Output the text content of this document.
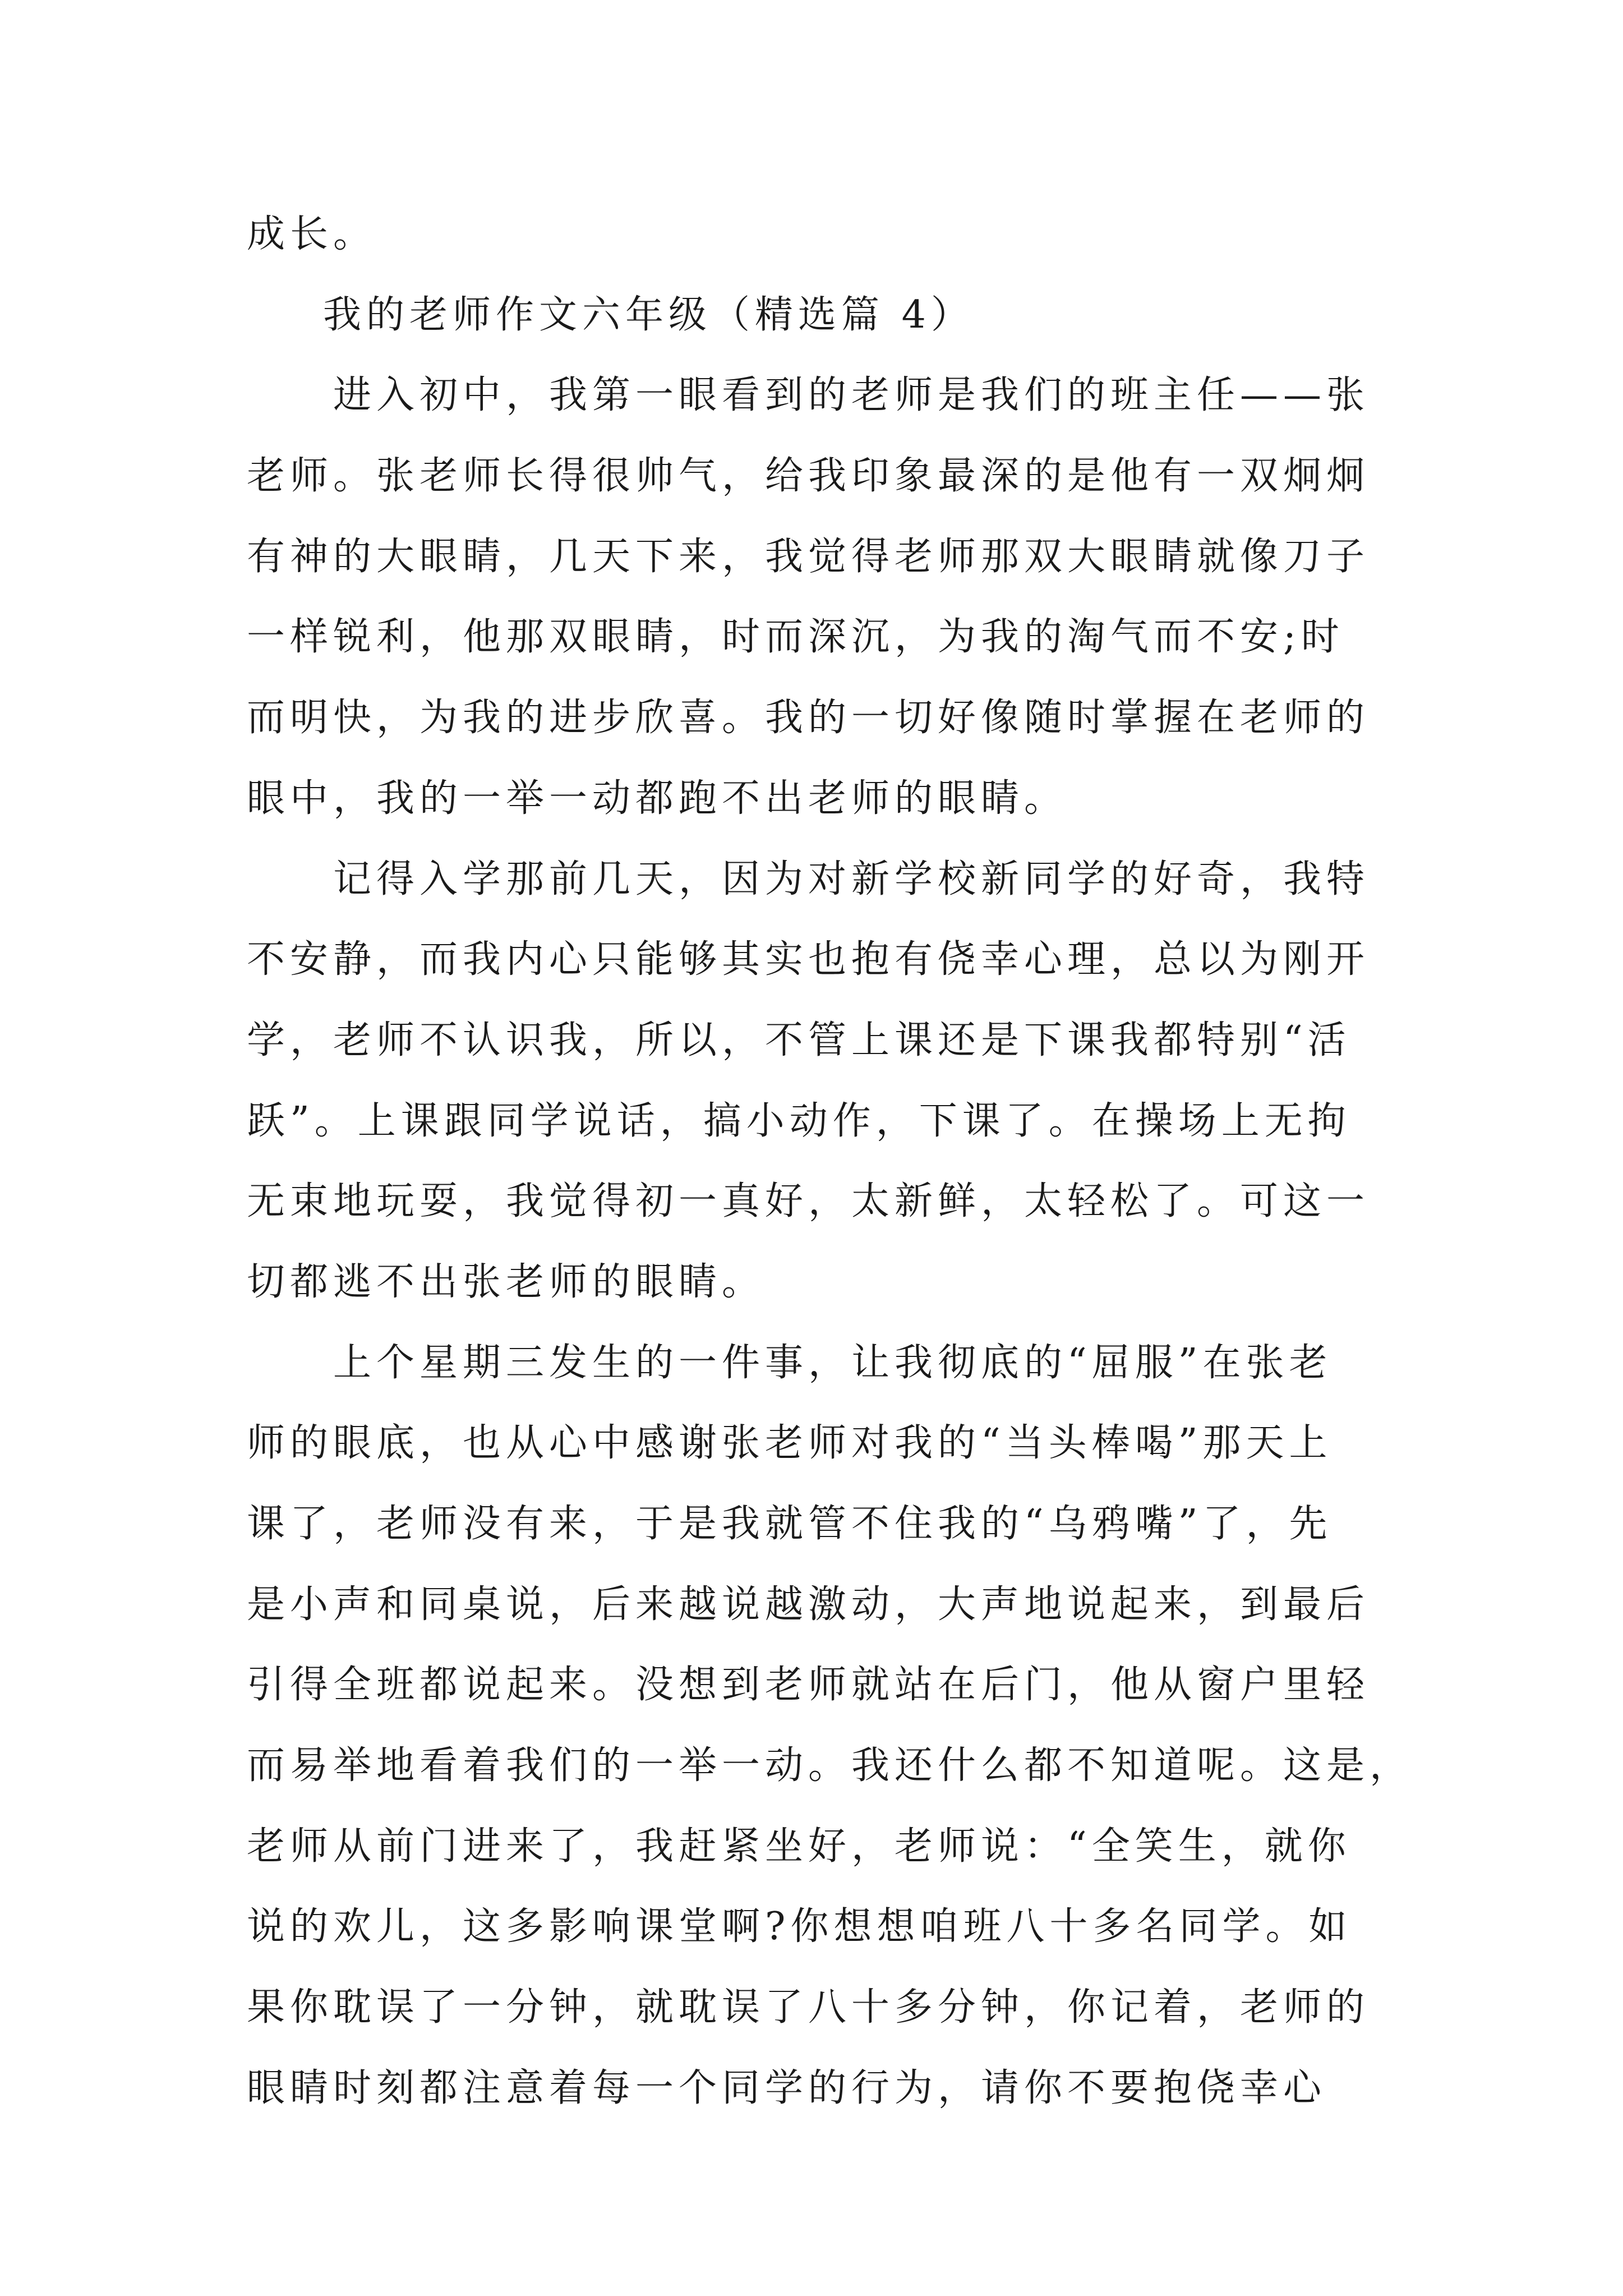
成长。
我的老师作文六年级（精选篇 4）
进入初中，我第一眼看到的老师是我们的班主任——张
老师。张老师长得很帅气，给我印象最深的是他有一双炯炯
有神的大眼睛，几天下来，我觉得老师那双大眼睛就像刀子
一样锐利，他那双眼睛，时而深沉，为我的淘气而不安;时
而明快，为我的进步欣喜。我的一切好像随时掌握在老师的
眼中，我的一举一动都跑不出老师的眼睛。
记得入学那前几天，因为对新学校新同学的好奇，我特
不安静，而我内心只能够其实也抱有侥幸心理，总以为刚开
学，老师不认识我，所以，不管上课还是下课我都特别“活
跃”。上课跟同学说话，搞小动作，下课了。在操场上无拘
无束地玩耍，我觉得初一真好，太新鲜，太轻松了。可这一
切都逃不出张老师的眼睛。
上个星期三发生的一件事，让我彻底的“屈服”在张老
师的眼底，也从心中感谢张老师对我的“当头棒喝”那天上
课了，老师没有来，于是我就管不住我的“乌鸦嘴”了，先
是小声和同桌说，后来越说越激动，大声地说起来，到最后
引得全班都说起来。没想到老师就站在后门，他从窗户里轻
而易举地看着我们的一举一动。我还什么都不知道呢。这是，
老师从前门进来了，我赶紧坐好，老师说：“全笑生，就你
说的欢儿，这多影响课堂啊?你想想咱班八十多名同学。如
果你耽误了一分钟，就耽误了八十多分钟，你记着，老师的
眼睛时刻都注意着每一个同学的行为，请你不要抱侥幸心
